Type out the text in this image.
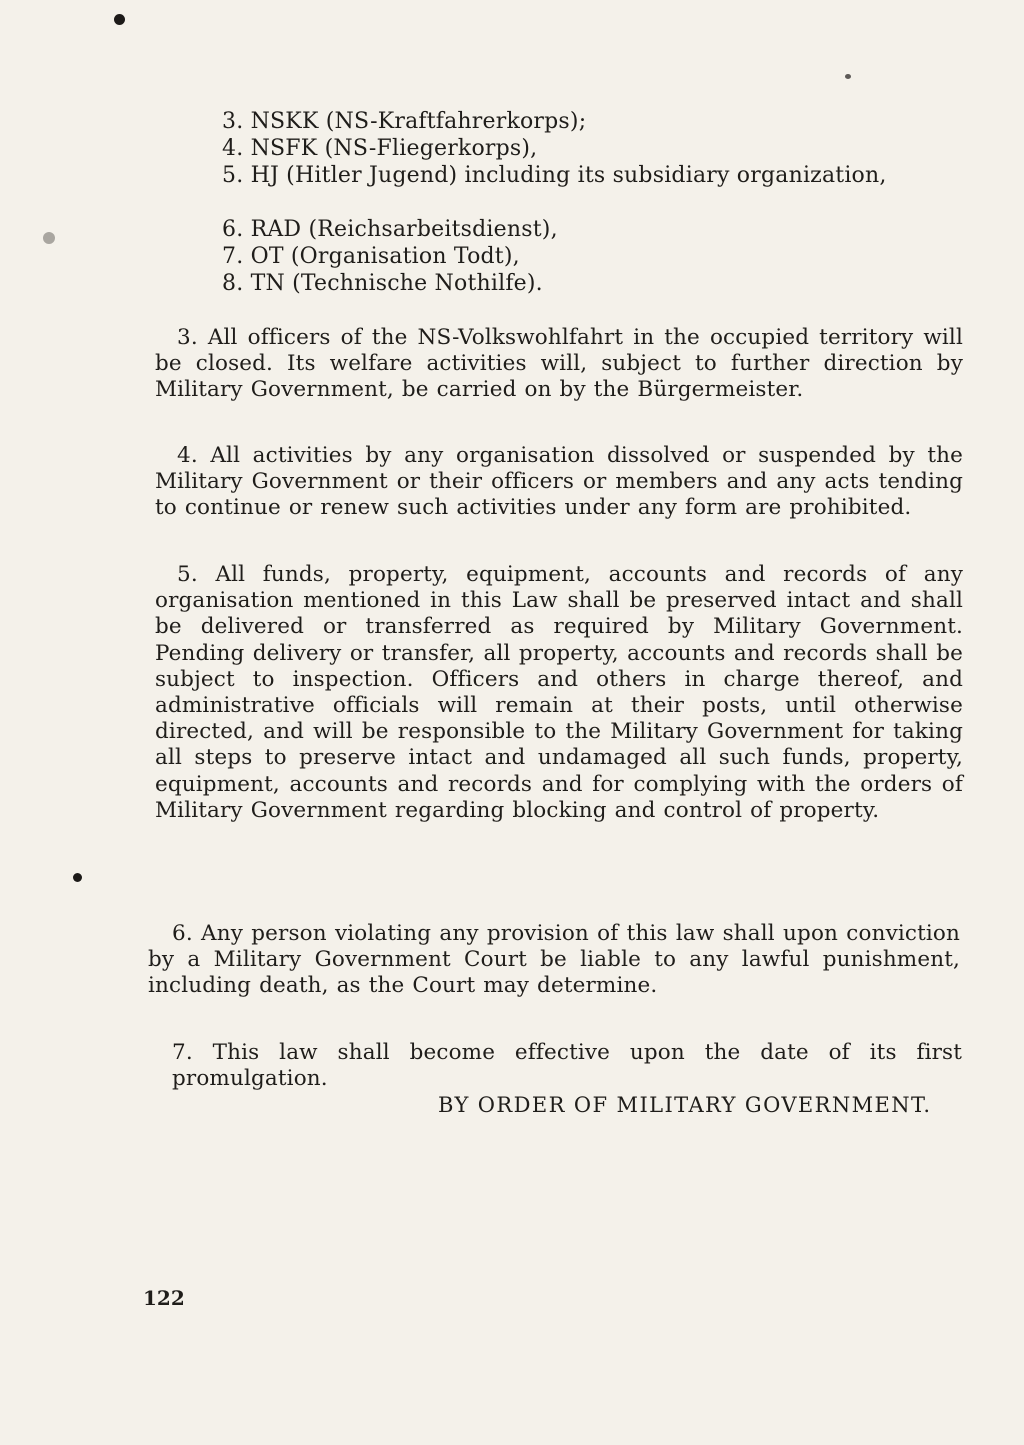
3. NSKK (NS-Kraftfahrerkorps);
4. NSFK (NS-Fliegerkorps),
5. HJ (Hitler Jugend) including its subsidiary organization,
6. RAD (Reichsarbeitsdienst),
7. OT (Organisation Todt),
8. TN (Technische Nothilfe).

3. All officers of the NS-Volkswohlfahrt in the occupied territory will be closed. Its welfare activities will, subject to further direction by Military Government, be carried on by the Bürgermeister.

4. All activities by any organisation dissolved or suspended by the Military Government or their officers or members and any acts tending to continue or renew such activities under any form are prohibited.

5. All funds, property, equipment, accounts and records of any organisation mentioned in this Law shall be preserved intact and shall be delivered or transferred as required by Military Government. Pending delivery or transfer, all property, accounts and records shall be subject to inspection. Officers and others in charge thereof, and administrative officials will remain at their posts, until otherwise directed, and will be responsible to the Military Government for taking all steps to preserve intact and undamaged all such funds, property, equipment, accounts and records and for complying with the orders of Military Government regarding blocking and control of property.

6. Any person violating any provision of this law shall upon conviction by a Military Government Court be liable to any lawful punishment, including death, as the Court may determine.

7. This law shall become effective upon the date of its first promulgation.

BY ORDER OF MILITARY GOVERNMENT.

122
